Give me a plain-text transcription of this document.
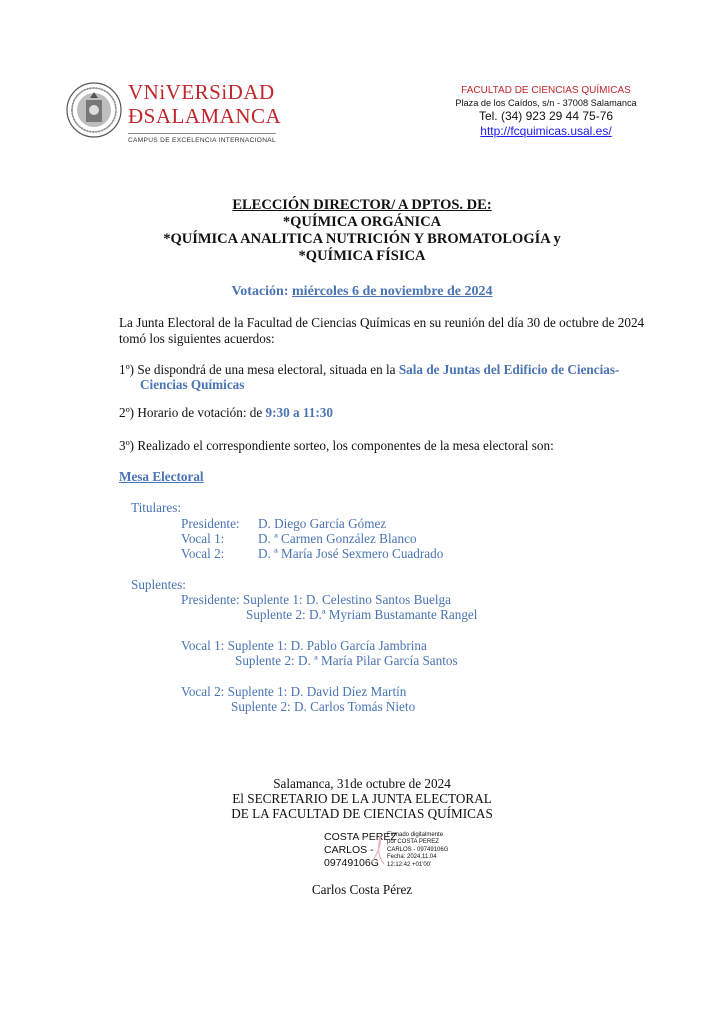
VNiVERSiDAD
ÐSALAMANCA
CAMPUS DE EXCELENCIA INTERNACIONAL
FACULTAD DE CIENCIAS QUÍMICAS
Plaza de los Caídos, s/n - 37008 Salamanca
Tel. (34) 923 29 44 75-76
http://fcquimicas.usal.es/
ELECCIÓN DIRECTOR/ A DPTOS. DE:
*QUÍMICA ORGÁNICA
*QUÍMICA ANALITICA NUTRICIÓN Y BROMATOLOGÍA y
*QUÍMICA FÍSICA
Votación: miércoles 6 de noviembre de 2024
La Junta Electoral de la Facultad de Ciencias Químicas en su reunión del día 30 de octubre de 2024
tomó los siguientes acuerdos:
1º) Se dispondrá de una mesa electoral, situada en la Sala de Juntas del Edificio de Ciencias-
Ciencias Químicas
2º) Horario de votación: de 9:30 a 11:30
3º) Realizado el correspondiente sorteo, los componentes de la mesa electoral son:
Mesa Electoral
Titulares:
Presidente: D. Diego García Gómez
Vocal 1:	D. ª Carmen González Blanco
Vocal 2:	D. ª María José Sexmero Cuadrado
Suplentes:
Presidente: Suplente 1: D. Celestino Santos Buelga
Suplente 2: D.ª Myriam Bustamante Rangel
Vocal 1: Suplente 1: D. Pablo García Jambrina
Suplente 2: D. ª María Pilar García Santos
Vocal 2: Suplente 1: D. David Díez Martín
Suplente 2: D. Carlos Tomás Nieto
Salamanca, 31de octubre de 2024
El SECRETARIO DE LA JUNTA ELECTORAL
DE LA FACULTAD DE CIENCIAS QUÍMICAS
COSTA PEREZ
CARLOS -
09749106G
Firmado digitalmente
por COSTA PEREZ
CARLOS - 09749106G
Fecha: 2024.11.04
12:12:42 +01'00'
Carlos Costa Pérez
